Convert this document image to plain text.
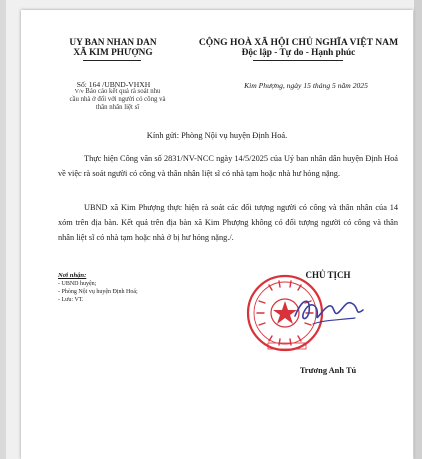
UY BAN NHAN DAN
XÃ KIM PHƯỢNG
CỘNG HOÀ XÃ HỘI CHỦ NGHĨA VIỆT NAM
Độc lập - Tự do - Hạnh phúc
Số: 164 /UBND-VHXH
V/v Báo cáo kết quả rà soát nhu
cầu nhà ở đối với người có công và
thân nhân liệt sĩ
Kim Phượng, ngày 15 tháng 5 năm 2025
Kính gửi: Phòng Nội vụ huyện Định Hoá.
Thực hiện Công văn số 2831/NV-NCC ngày 14/5/2025 của Uỷ ban nhân dân huyện Định Hoá về việc rà soát người có công và thân nhân liệt sĩ có nhà tạm hoặc nhà hư hỏng nặng.
UBND xã Kim Phượng thực hiện rà soát các đối tượng người có công và thân nhân của 14 xóm trên địa bàn. Kết quả trên địa bàn xã Kim Phượng không có đối tượng người có công và thân nhân liệt sĩ có nhà tạm hoặc nhà ở bị hư hỏng nặng./.
Nơi nhận:
- UBND huyện;
- Phòng Nội vụ huyện Định Hoá;
- Lưu: VT.
CHỦ TỊCH
Trương Anh Tú
